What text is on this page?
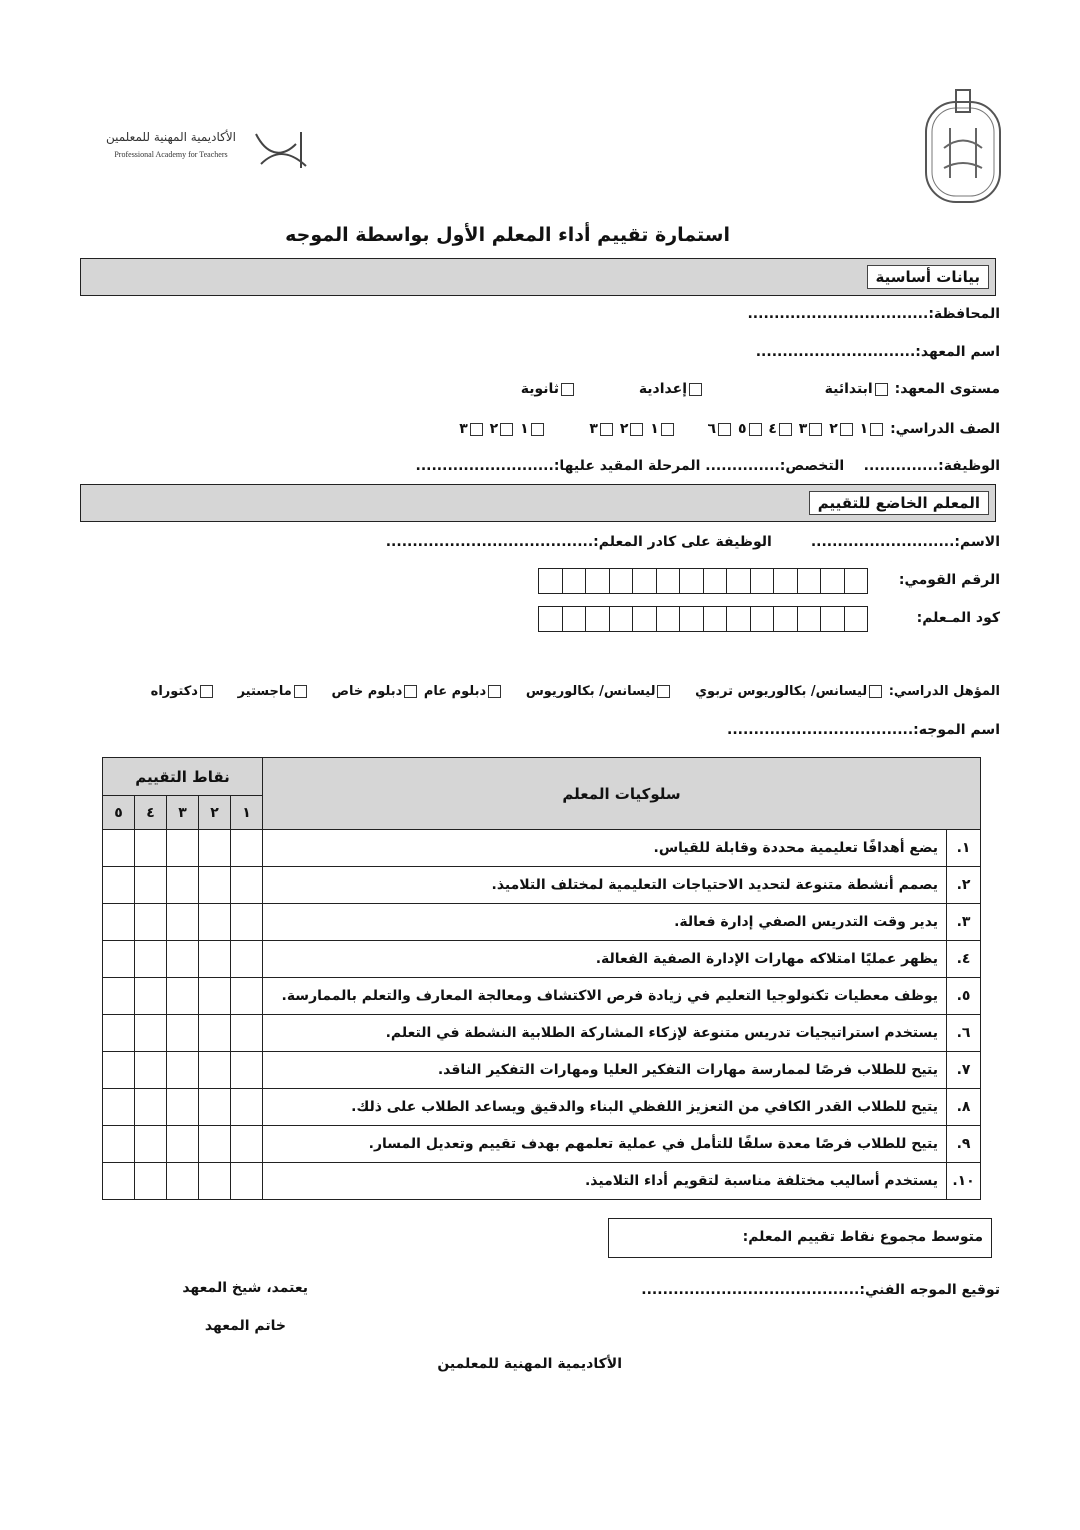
الأكاديمية المهنية للمعلمين
Professional Academy for Teachers
استمارة تقييم أداء المعلم الأول بواسطة الموجه
بيانات أساسية
المحافظة:..................................
اسم المعهد:..............................
مستوى المعهد: ابتدائية
إعدادية
ثانوية
الصف الدراسي: ١ ٢ ٣ ٤ ٥ ٦  ١ ٢ ٣  ١ ٢ ٣
الوظيفة:..............    التخصص:.............. المرحلة المقيد عليها:..........................
المعلم الخاضع للتقييم
الاسم:...........................        الوظيفة على كادر المعلم:.......................................
الرقم القومي:
كود المـعلم:
المؤهل الدراسي: ليسانس/ بكالوريوس تربوي     ليسانس/ بكالوريوس     دبلوم عام دبلوم خاص     ماجستير     دكتوراه
اسم الموجه:...................................
سلوكيات المعلم		نقاط التقييم				
		١	٢	٣	٤	٥
١.	يضع أهدافًا تعليمية محددة وقابلة للقياس.					
٢.	يصمم أنشطة متنوعة لتحديد الاحتياجات التعليمية لمختلف التلاميذ.					
٣.	يدير وقت التدريس الصفي إدارة فعالة.					
٤.	يظهر عمليًا امتلاكه مهارات الإدارة الصفية الفعالة.					
٥.	يوظف معطيات تكنولوجيا التعليم في زيادة فرص الاكتشاف ومعالجة المعارف والتعلم بالممارسة.					
٦.	يستخدم استراتيجيات تدريس متنوعة لإزكاء المشاركة الطلابية النشطة في التعلم.					
٧.	يتيح للطلاب فرصًا لممارسة مهارات التفكير العليا ومهارات التفكير الناقد.					
٨.	يتيح للطلاب القدر الكافي من التعزيز اللفظي البناء والدقيق ويساعد الطلاب على ذلك.					
٩.	يتيح للطلاب فرصًا معدة سلفًا للتأمل في عملية تعلمهم بهدف تقييم وتعديل المسار.					
١٠.	يستخدم أساليب مختلفة مناسبة لتقويم أداء التلاميذ.					
متوسط مجموع نقاط تقييم المعلم:
توقيع الموجه الفني:.........................................
يعتمد، شيخ المعهد
خاتم المعهد
الأكاديمية المهنية للمعلمين
